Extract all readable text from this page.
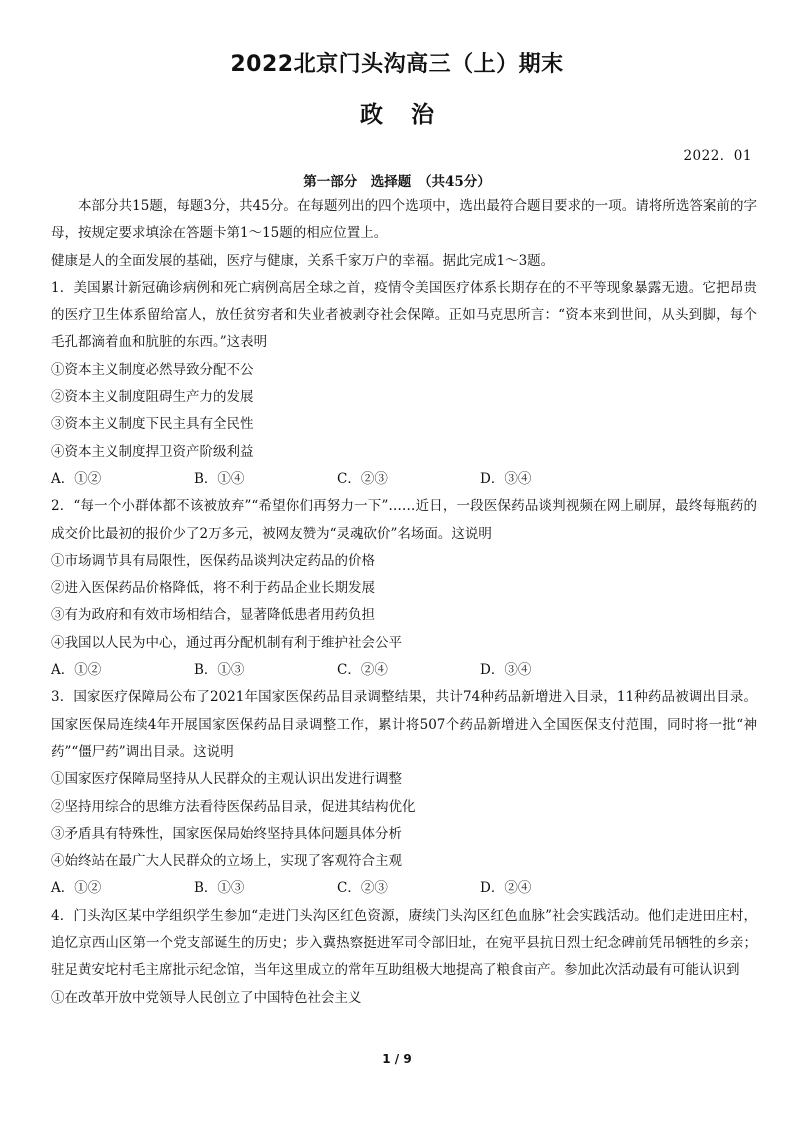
2022北京门头沟高三（上）期末
政治
2022．01
第一部分　选择题　（共45分）
本部分共15题，每题3分，共45分。在每题列出的四个选项中，选出最符合题目要求的一项。请将所选答案前的字母，按规定要求填涂在答题卡第1～15题的相应位置上。
健康是人的全面发展的基础，医疗与健康，关系千家万户的幸福。据此完成1～3题。
1．美国累计新冠确诊病例和死亡病例高居全球之首，疫情令美国医疗体系长期存在的不平等现象暴露无遗。它把昂贵的医疗卫生体系留给富人，放任贫穷者和失业者被剥夺社会保障。正如马克思所言：“资本来到世间，从头到脚，每个毛孔都滴着血和肮脏的东西。”这表明
①资本主义制度必然导致分配不公
②资本主义制度阻碍生产力的发展
③资本主义制度下民主具有全民性
④资本主义制度捍卫资产阶级利益
A．①②	B．①④	C．②③	D．③④
2．“每一个小群体都不该被放弃”“希望你们再努力一下”……近日，一段医保药品谈判视频在网上刷屏，最终每瓶药的成交价比最初的报价少了2万多元，被网友赞为“灵魂砍价”名场面。这说明
①市场调节具有局限性，医保药品谈判决定药品的价格
②进入医保药品价格降低，将不利于药品企业长期发展
③有为政府和有效市场相结合，显著降低患者用药负担
④我国以人民为中心，通过再分配机制有利于维护社会公平
A．①②	B．①③	C．②④	D．③④
3．国家医疗保障局公布了2021年国家医保药品目录调整结果，共计74种药品新增进入目录，11种药品被调出目录。国家医保局连续4年开展国家医保药品目录调整工作，累计将507个药品新增进入全国医保支付范围，同时将一批“神药”“僵尸药”调出目录。这说明
①国家医疗保障局坚持从人民群众的主观认识出发进行调整
②坚持用综合的思维方法看待医保药品目录，促进其结构优化
③矛盾具有特殊性，国家医保局始终坚持具体问题具体分析
④始终站在最广大人民群众的立场上，实现了客观符合主观
A．①②	B．①③	C．②③	D．②④
4．门头沟区某中学组织学生参加“走进门头沟区红色资源，赓续门头沟区红色血脉”社会实践活动。他们走进田庄村，追忆京西山区第一个党支部诞生的历史；步入冀热察挺进军司令部旧址，在宛平县抗日烈士纪念碑前凭吊牺牲的乡亲；驻足黄安坨村毛主席批示纪念馆，当年这里成立的常年互助组极大地提高了粮食亩产。参加此次活动最有可能认识到
①在改革开放中党领导人民创立了中国特色社会主义
1 / 9
